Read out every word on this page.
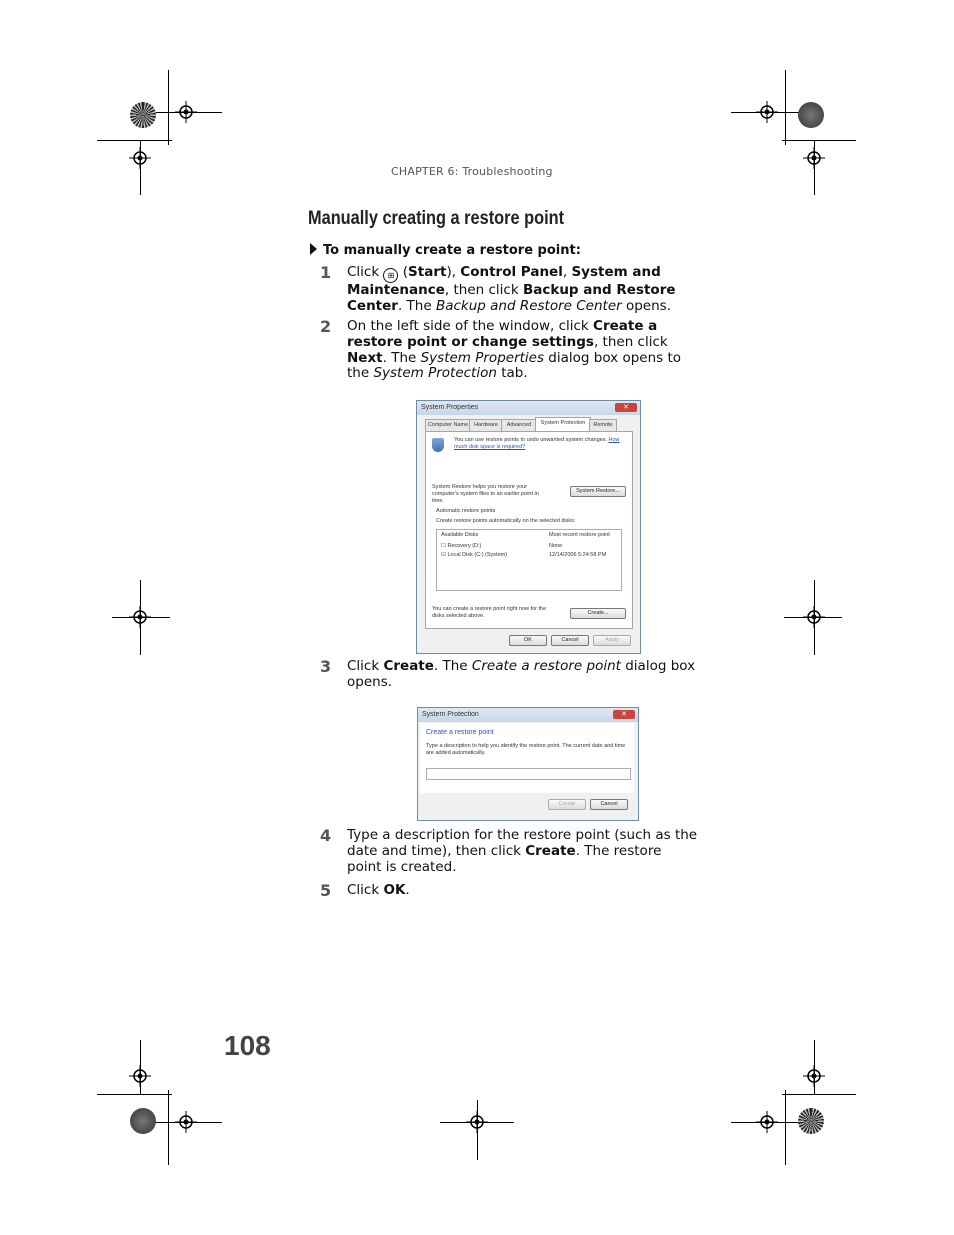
CHAPTER 6: Troubleshooting
Manually creating a restore point
To manually create a restore point:
1 Click ⊞ (Start), Control Panel, System and Maintenance, then click Backup and Restore Center. The Backup and Restore Center opens.
2 On the left side of the window, click Create a restore point or change settings, then click Next. The System Properties dialog box opens to the System Protection tab.
System Properties	✕
Computer Name	Hardware	Advanced	System Protection	Remote
You can use restore points to undo unwanted system changes. How much disk space is required?
System Restore helps you restore your computer's system files to an earlier point in time.
System Restore...
Automatic restore points
Create restore points automatically on the selected disks:
Available Disks	Most recent restore point
☐ Recovery (D:)	None
☑ Local Disk (C:) (System)	12/14/2006 5:24:58 PM
You can create a restore point right now for the disks selected above.	Create...
OK	Cancel	Apply
3 Click Create. The Create a restore point dialog box opens.
System Protection	✕
Create a restore point
Type a description to help you identify the restore point. The current date and time are added automatically.
Create	Cancel
4 Type a description for the restore point (such as the date and time), then click Create. The restore point is created.
5 Click OK.
108
